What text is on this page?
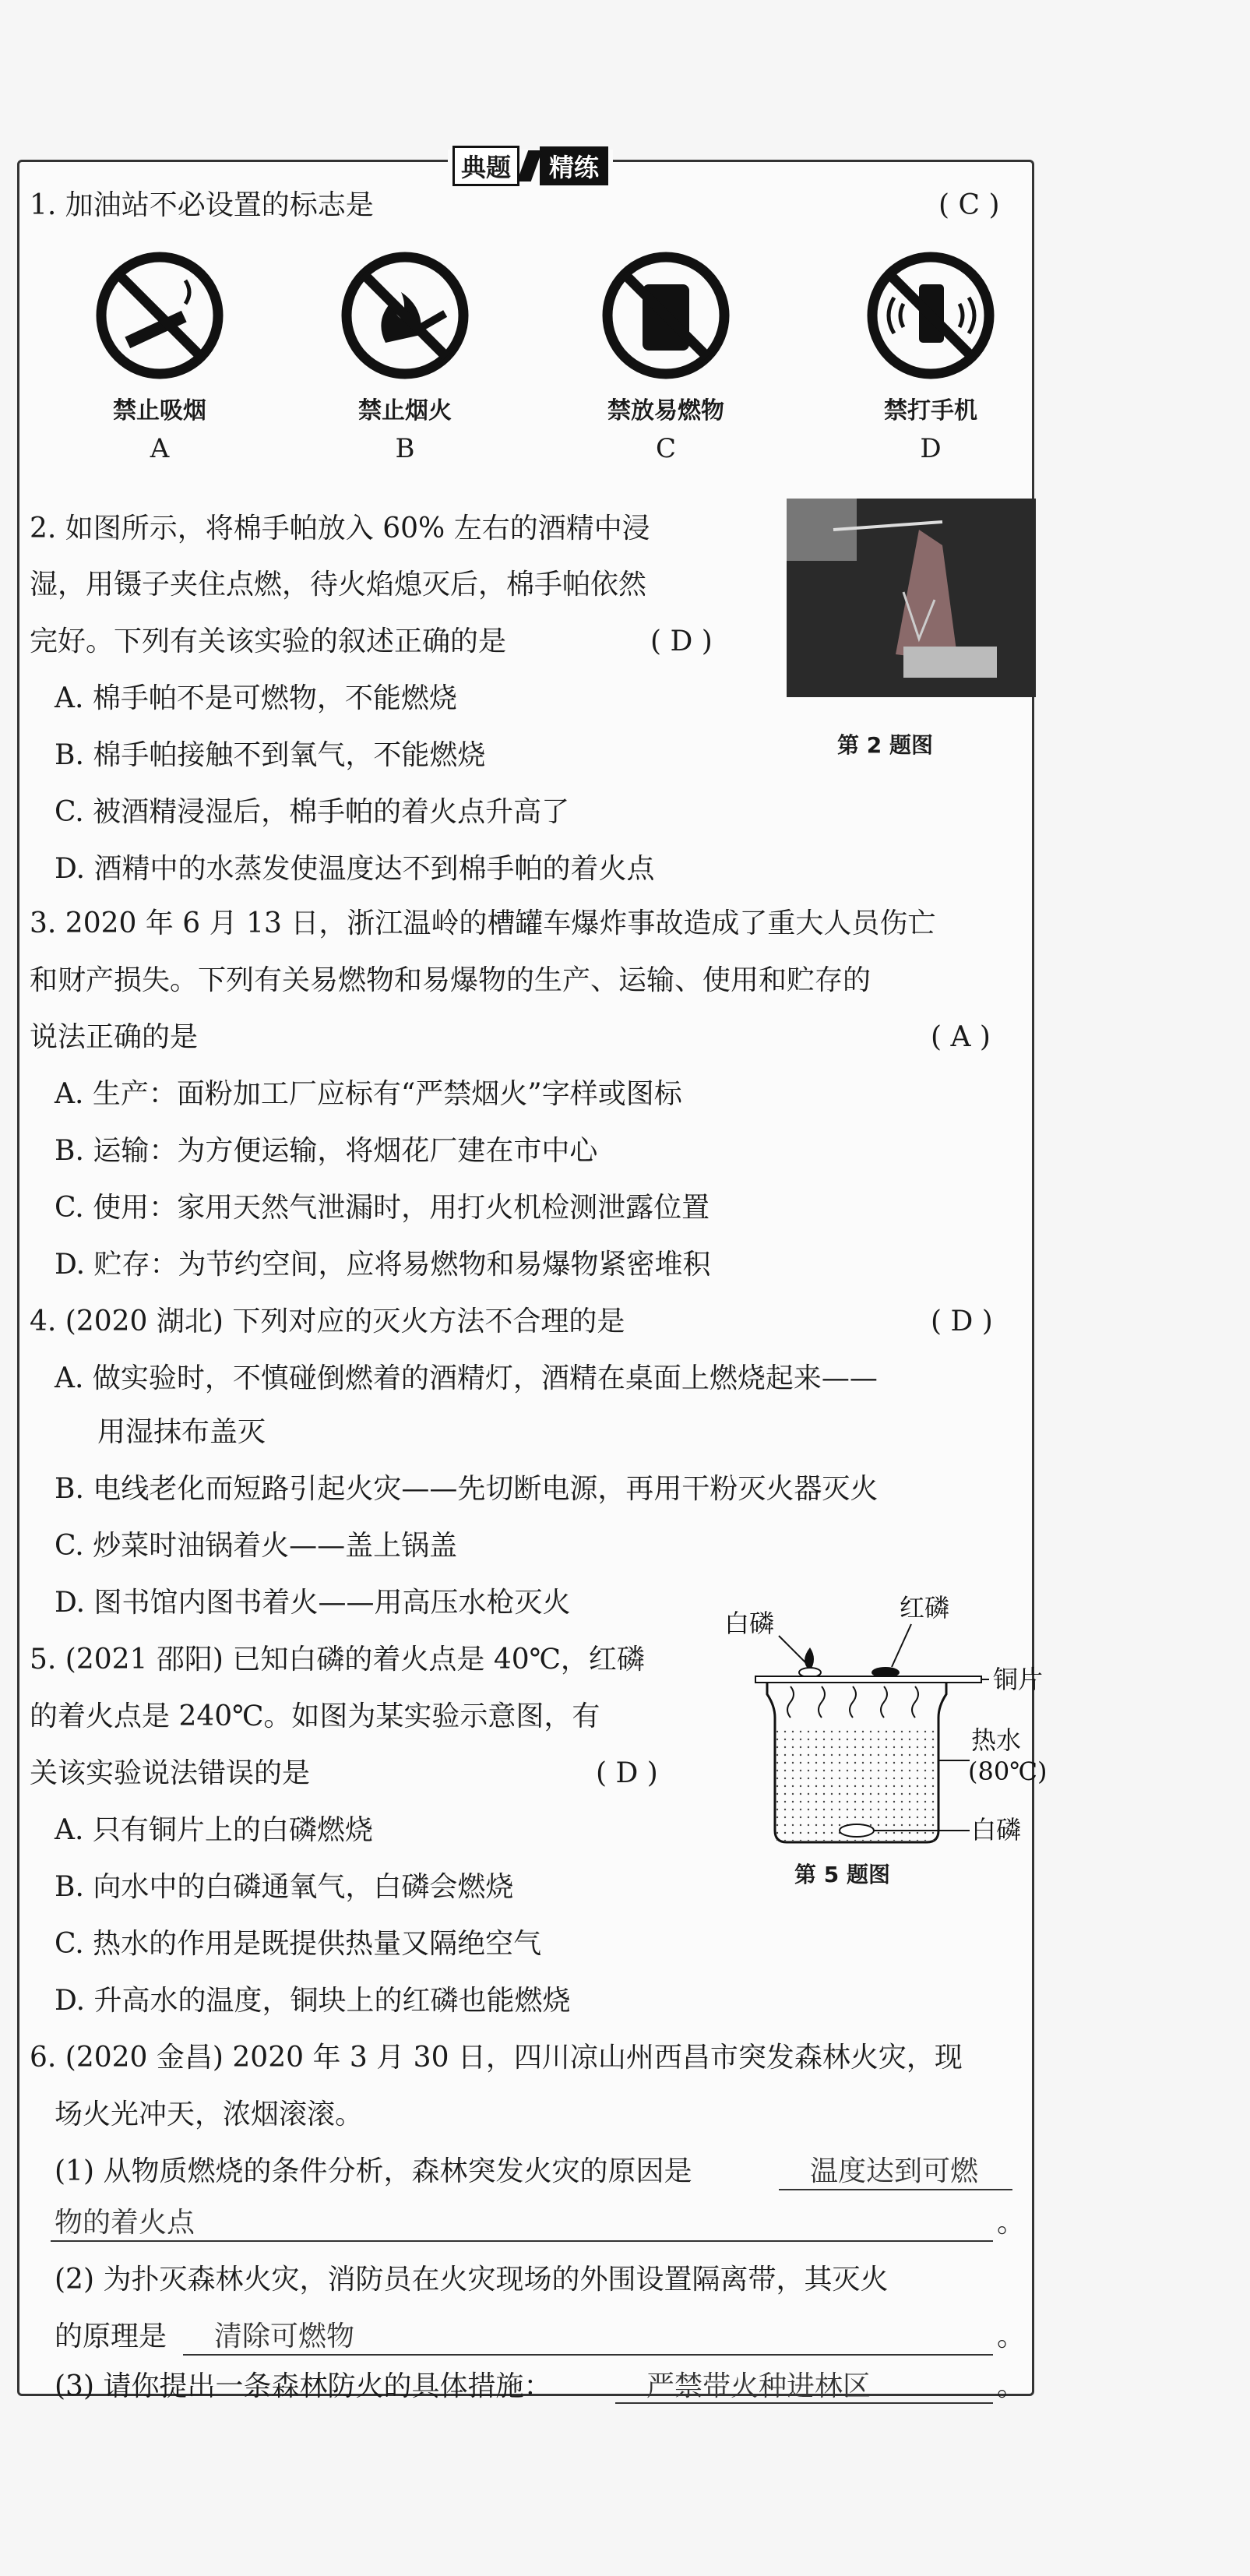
典题	精练
1. 加油站不必设置的标志是	( C )
禁止吸烟
A
禁止烟火
B
禁放易燃物
C
禁打手机
D
2. 如图所示，将棉手帕放入 60% 左右的酒精中浸
湿，用镊子夹住点燃，待火焰熄灭后，棉手帕依然
完好。下列有关该实验的叙述正确的是	( D )
A. 棉手帕不是可燃物，不能燃烧
B. 棉手帕接触不到氧气，不能燃烧
C. 被酒精浸湿后，棉手帕的着火点升高了
D. 酒精中的水蒸发使温度达不到棉手帕的着火点
第 2 题图
3. 2020 年 6 月 13 日，浙江温岭的槽罐车爆炸事故造成了重大人员伤亡
和财产损失。下列有关易燃物和易爆物的生产、运输、使用和贮存的
说法正确的是	( A )
A. 生产：面粉加工厂应标有“严禁烟火”字样或图标
B. 运输：为方便运输，将烟花厂建在市中心
C. 使用：家用天然气泄漏时，用打火机检测泄露位置
D. 贮存：为节约空间，应将易燃物和易爆物紧密堆积
4. (2020 湖北) 下列对应的灭火方法不合理的是	( D )
A. 做实验时，不慎碰倒燃着的酒精灯，酒精在桌面上燃烧起来——
用湿抹布盖灭
B. 电线老化而短路引起火灾——先切断电源，再用干粉灭火器灭火
C. 炒菜时油锅着火——盖上锅盖
D. 图书馆内图书着火——用高压水枪灭火
5. (2021 邵阳) 已知白磷的着火点是 40℃，红磷
的着火点是 240℃。如图为某实验示意图，有
关该实验说法错误的是	( D )
A. 只有铜片上的白磷燃烧
B. 向水中的白磷通氧气，白磷会燃烧
C. 热水的作用是既提供热量又隔绝空气
D. 升高水的温度，铜块上的红磷也能燃烧
白磷
红磷
铜片
热水
(80℃)
白磷
第 5 题图
6. (2020 金昌) 2020 年 3 月 30 日，四川凉山州西昌市突发森林火灾，现
场火光冲天，浓烟滚滚。
(1) 从物质燃烧的条件分析，森林突发火灾的原因是	温度达到可燃
物的着火点	。
(2) 为扑灭森林火灾，消防员在火灾现场的外围设置隔离带，其灭火
的原理是 清除可燃物	。
(3) 请你提出一条森林防火的具体措施：	严禁带火种进林区	。
